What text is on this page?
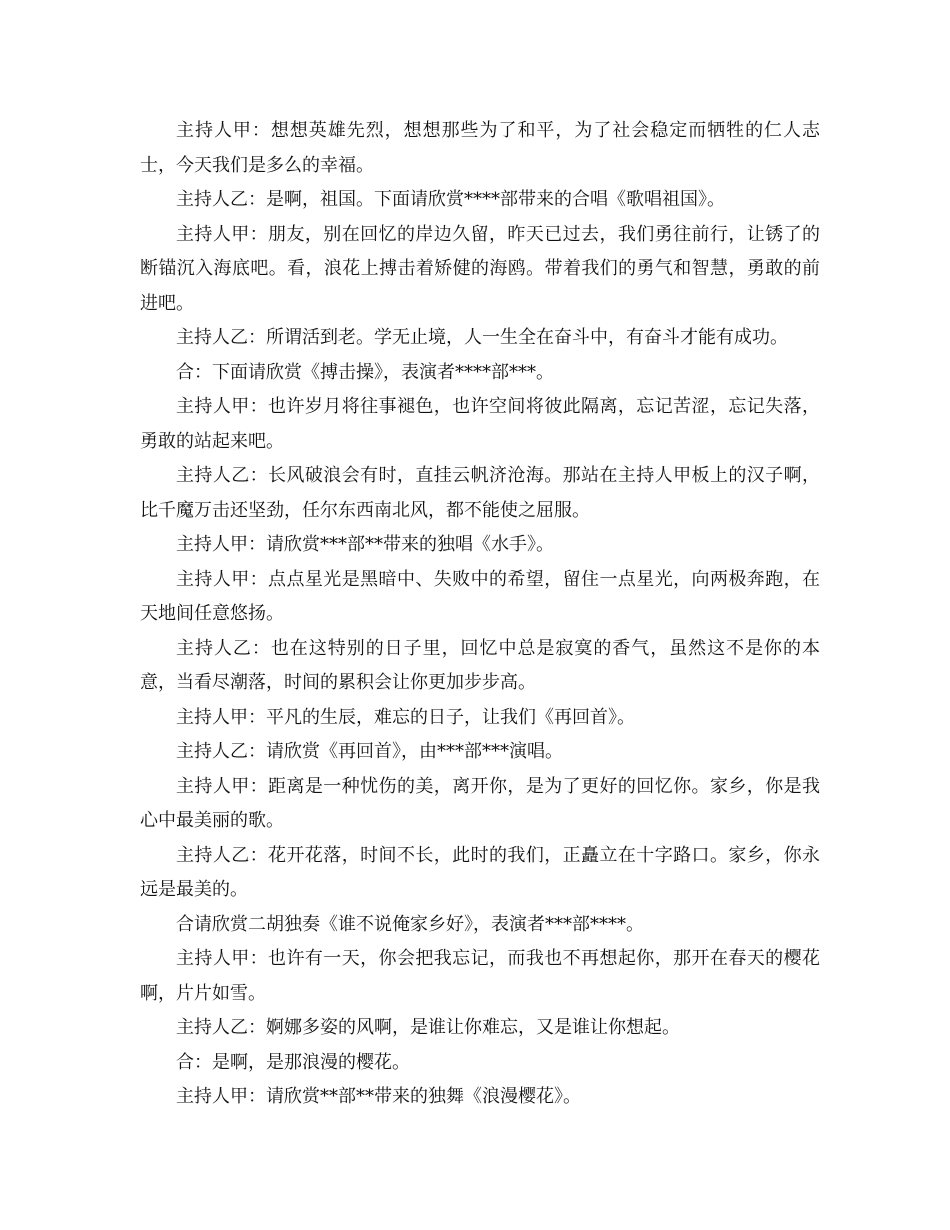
主持人甲：想想英雄先烈，想想那些为了和平，为了社会稳定而牺牲的仁人志士，今天我们是多么的幸福。

主持人乙：是啊，祖国。下面请欣赏****部带来的合唱《歌唱祖国》。

主持人甲：朋友，别在回忆的岸边久留，昨天已过去，我们勇往前行，让锈了的断锚沉入海底吧。看，浪花上搏击着矫健的海鸥。带着我们的勇气和智慧，勇敢的前进吧。

主持人乙：所谓活到老。学无止境，人一生全在奋斗中，有奋斗才能有成功。

合：下面请欣赏《搏击操》，表演者****部***。

主持人甲：也许岁月将往事褪色，也许空间将彼此隔离，忘记苦涩，忘记失落，勇敢的站起来吧。

主持人乙：长风破浪会有时，直挂云帆济沧海。那站在主持人甲板上的汉子啊，比千魔万击还坚劲，任尔东西南北风，都不能使之屈服。

主持人甲：请欣赏***部**带来的独唱《水手》。

主持人甲：点点星光是黑暗中、失败中的希望，留住一点星光，向两极奔跑，在天地间任意悠扬。

主持人乙：也在这特别的日子里，回忆中总是寂寞的香气，虽然这不是你的本意，当看尽潮落，时间的累积会让你更加步步高。

主持人甲：平凡的生辰，难忘的日子，让我们《再回首》。

主持人乙：请欣赏《再回首》，由***部***演唱。

主持人甲：距离是一种忧伤的美，离开你，是为了更好的回忆你。家乡，你是我心中最美丽的歌。

主持人乙：花开花落，时间不长，此时的我们，正矗立在十字路口。家乡，你永远是最美的。

合请欣赏二胡独奏《谁不说俺家乡好》，表演者***部****。

主持人甲：也许有一天，你会把我忘记，而我也不再想起你，那开在春天的樱花啊，片片如雪。

主持人乙：婀娜多姿的风啊，是谁让你难忘，又是谁让你想起。

合：是啊，是那浪漫的樱花。

主持人甲：请欣赏**部**带来的独舞《浪漫樱花》。
